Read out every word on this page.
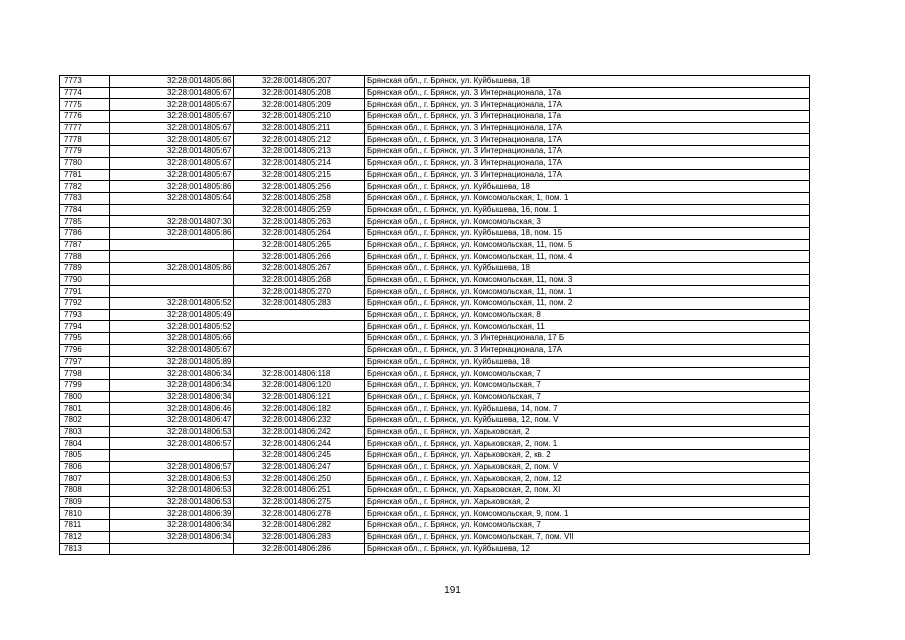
7773	32:28:0014805:86	32:28:0014805:207	Брянская обл., г. Брянск, ул. Куйбышева, 18
7774	32:28:0014805:67	32:28:0014805:208	Брянская обл., г. Брянск, ул. 3 Интернационала, 17а
7775	32:28:0014805:67	32:28:0014805:209	Брянская обл., г. Брянск, ул. 3 Интернационала, 17А
7776	32:28:0014805:67	32:28:0014805:210	Брянская обл., г. Брянск, ул. 3 Интернационала, 17а
7777	32:28:0014805:67	32:28:0014805:211	Брянская обл., г. Брянск, ул. 3 Интернационала, 17А
7778	32:28:0014805:67	32:28:0014805:212	Брянская обл., г. Брянск, ул. 3 Интернационала, 17А
7779	32:28:0014805:67	32:28:0014805:213	Брянская обл., г. Брянск, ул. 3 Интернационала, 17А
7780	32:28:0014805:67	32:28:0014805:214	Брянская обл., г. Брянск, ул. 3 Интернационала, 17А
7781	32:28:0014805:67	32:28:0014805:215	Брянская обл., г. Брянск, ул. 3 Интернационала, 17А
7782	32:28:0014805:86	32:28:0014805:256	Брянская обл., г. Брянск, ул. Куйбышева, 18
7783	32:28:0014805:64	32:28:0014805:258	Брянская обл., г. Брянск, ул. Комсомольская, 1, пом. 1
7784		32:28:0014805:259	Брянская обл., г. Брянск, ул. Куйбышева, 16, пом. 1
7785	32:28:0014807:30	32:28:0014805:263	Брянская обл., г. Брянск, ул. Комсомольская, 3
7786	32:28:0014805:86	32:28:0014805:264	Брянская обл., г. Брянск, ул. Куйбышева, 18, пом. 15
7787		32:28:0014805:265	Брянская обл., г. Брянск, ул. Комсомольская, 11, пом. 5
7788		32:28:0014805:266	Брянская обл., г. Брянск, ул. Комсомольская, 11, пом. 4
7789	32:28:0014805:86	32:28:0014805:267	Брянская обл., г. Брянск, ул. Куйбышева, 18
7790		32:28:0014805:268	Брянская обл., г. Брянск, ул. Комсомольская, 11, пом. 3
7791		32:28:0014805:270	Брянская обл., г. Брянск, ул. Комсомольская, 11, пом. 1
7792	32:28:0014805:52	32:28:0014805:283	Брянская обл., г. Брянск, ул. Комсомольская, 11, пом. 2
7793	32:28:0014805:49		Брянская обл., г. Брянск, ул. Комсомольская, 8
7794	32:28:0014805:52		Брянская обл., г. Брянск, ул. Комсомольская, 11
7795	32:28:0014805:66		Брянская обл., г. Брянск, ул. 3 Интернационала, 17 Б
7796	32:28:0014805:67		Брянская обл., г. Брянск, ул. 3 Интернационала, 17А
7797	32:28:0014805:89		Брянская обл., г. Брянск, ул. Куйбышева, 18
7798	32:28:0014806:34	32:28:0014806:118	Брянская обл., г. Брянск, ул. Комсомольская, 7
7799	32:28:0014806:34	32:28:0014806:120	Брянская обл., г. Брянск, ул. Комсомольская, 7
7800	32:28:0014806:34	32:28:0014806:121	Брянская обл., г. Брянск, ул. Комсомольская, 7
7801	32:28:0014806:46	32:28:0014806:182	Брянская обл., г. Брянск, ул. Куйбышева, 14, пом. 7
7802	32:28:0014806:47	32:28:0014806:232	Брянская обл., г. Брянск, ул. Куйбышева, 12, пом. V
7803	32:28:0014806:53	32:28:0014806:242	Брянская обл., г. Брянск, ул. Харьковская, 2
7804	32:28:0014806:57	32:28:0014806:244	Брянская обл., г. Брянск, ул. Харьковская, 2, пом. 1
7805		32:28:0014806:245	Брянская обл., г. Брянск, ул. Харьковская, 2, кв. 2
7806	32:28:0014806:57	32:28:0014806:247	Брянская обл., г. Брянск, ул. Харьковская, 2, пом. V
7807	32:28:0014806:53	32:28:0014806:250	Брянская обл., г. Брянск, ул. Харьковская, 2, пом. 12
7808	32:28:0014806:53	32:28:0014806:251	Брянская обл., г. Брянск, ул. Харьковская, 2, пом. XI
7809	32:28:0014806:53	32:28:0014806:275	Брянская обл., г. Брянск, ул. Харьковская, 2
7810	32:28:0014806:39	32:28:0014806:278	Брянская обл., г. Брянск, ул. Комсомольская, 9, пом. 1
7811	32:28:0014806:34	32:28:0014806:282	Брянская обл., г. Брянск, ул. Комсомольская, 7
7812	32:28:0014806:34	32:28:0014806:283	Брянская обл., г. Брянск, ул. Комсомольская, 7, пом. VII
7813		32:28:0014806:286	Брянская обл., г. Брянск, ул. Куйбышева, 12
191
